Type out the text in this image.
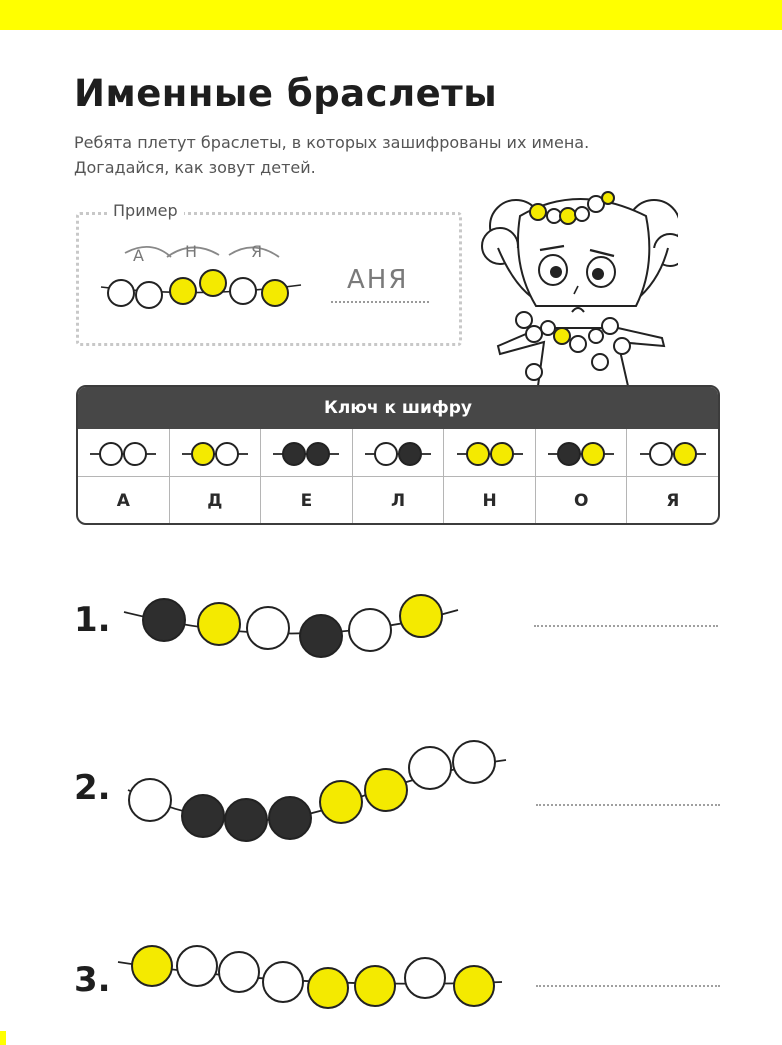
Именные браслеты
Ребята плетут браслеты, в которых зашифрованы их имена.
Догадайся, как зовут детей.
Пример
А	Н	Я
АНЯ
Ключ к шифру
А	Д	Е	Л	Н	О	Я
1.
2.
3.
